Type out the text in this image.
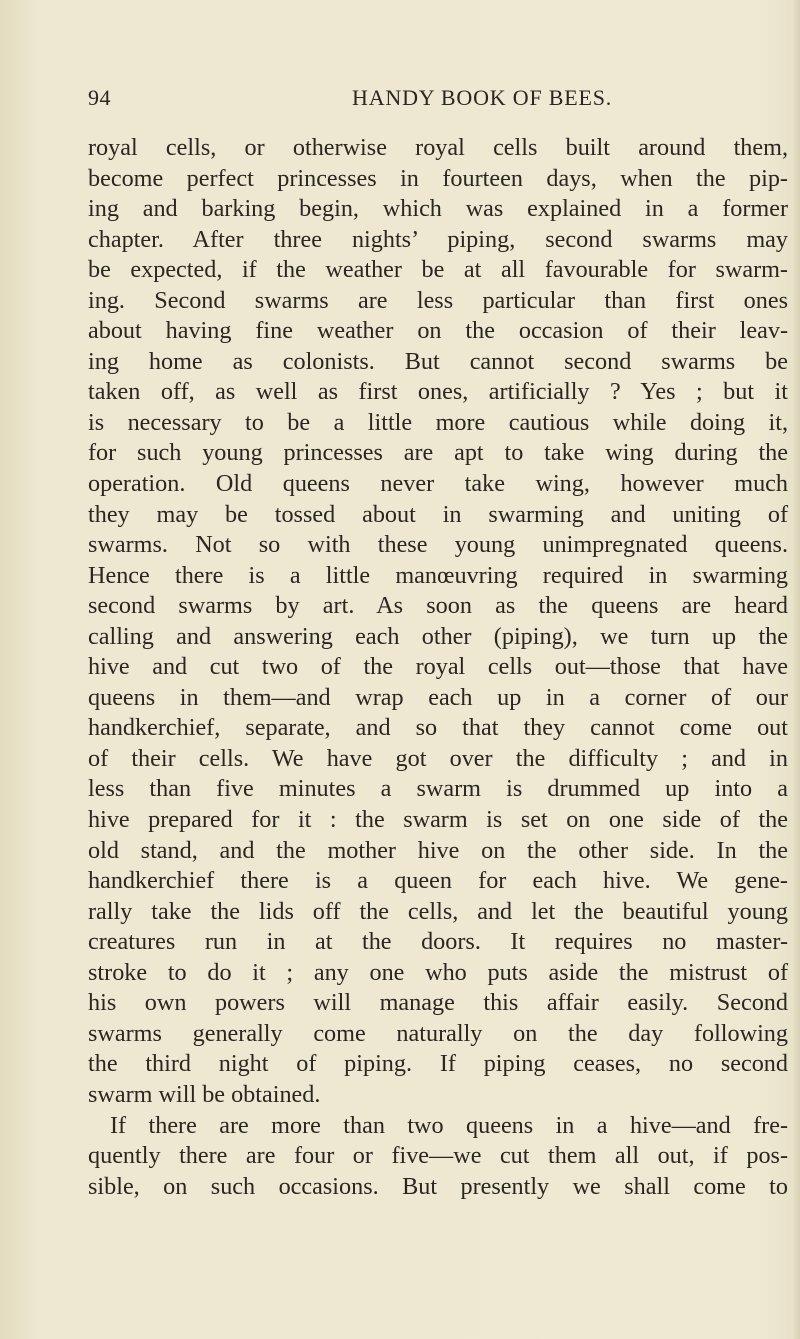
94	HANDY BOOK OF BEES.
royal cells, or otherwise royal cells built around them,
become perfect princesses in fourteen days, when the pip-
ing and barking begin, which was explained in a former
chapter. After three nights’ piping, second swarms may
be expected, if the weather be at all favourable for swarm-
ing. Second swarms are less particular than first ones
about having fine weather on the occasion of their leav-
ing home as colonists. But cannot second swarms be
taken off, as well as first ones, artificially ? Yes ; but it
is necessary to be a little more cautious while doing it,
for such young princesses are apt to take wing during the
operation. Old queens never take wing, however much
they may be tossed about in swarming and uniting of
swarms. Not so with these young unimpregnated queens.
Hence there is a little manœuvring required in swarming
second swarms by art. As soon as the queens are heard
calling and answering each other (piping), we turn up the
hive and cut two of the royal cells out—those that have
queens in them—and wrap each up in a corner of our
handkerchief, separate, and so that they cannot come out
of their cells. We have got over the difficulty ; and in
less than five minutes a swarm is drummed up into a
hive prepared for it : the swarm is set on one side of the
old stand, and the mother hive on the other side. In the
handkerchief there is a queen for each hive. We gene-
rally take the lids off the cells, and let the beautiful young
creatures run in at the doors. It requires no master-
stroke to do it ; any one who puts aside the mistrust of
his own powers will manage this affair easily. Second
swarms generally come naturally on the day following
the third night of piping. If piping ceases, no second
swarm will be obtained.
If there are more than two queens in a hive—and fre-
quently there are four or five—we cut them all out, if pos-
sible, on such occasions. But presently we shall come to
